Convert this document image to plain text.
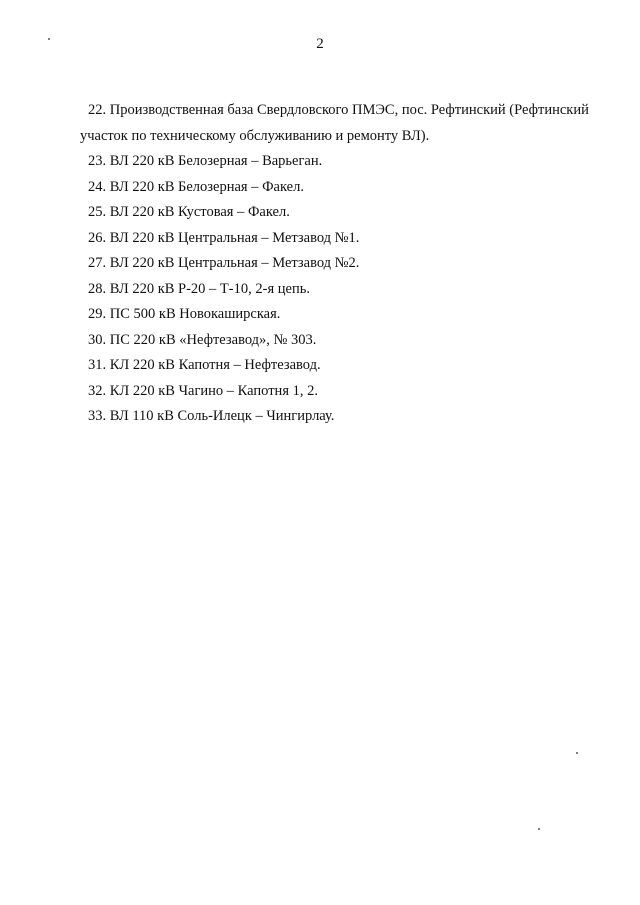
2
22. Производственная база Свердловского ПМЭС, пос. Рефтинский (Рефтинский
участок по техническому обслуживанию и ремонту ВЛ).
23. ВЛ 220 кВ Белозерная – Варьеган.
24. ВЛ 220 кВ Белозерная – Факел.
25. ВЛ 220 кВ Кустовая – Факел.
26. ВЛ 220 кВ Центральная – Метзавод №1.
27. ВЛ 220 кВ Центральная – Метзавод №2.
28. ВЛ 220 кВ Р-20 – Т-10, 2-я цепь.
29. ПС 500 кВ Новокаширская.
30. ПС 220 кВ «Нефтезавод», № 303.
31. КЛ 220 кВ Капотня – Нефтезавод.
32. КЛ 220 кВ Чагино – Капотня 1, 2.
33. ВЛ 110 кВ Соль-Илецк – Чингирлау.
